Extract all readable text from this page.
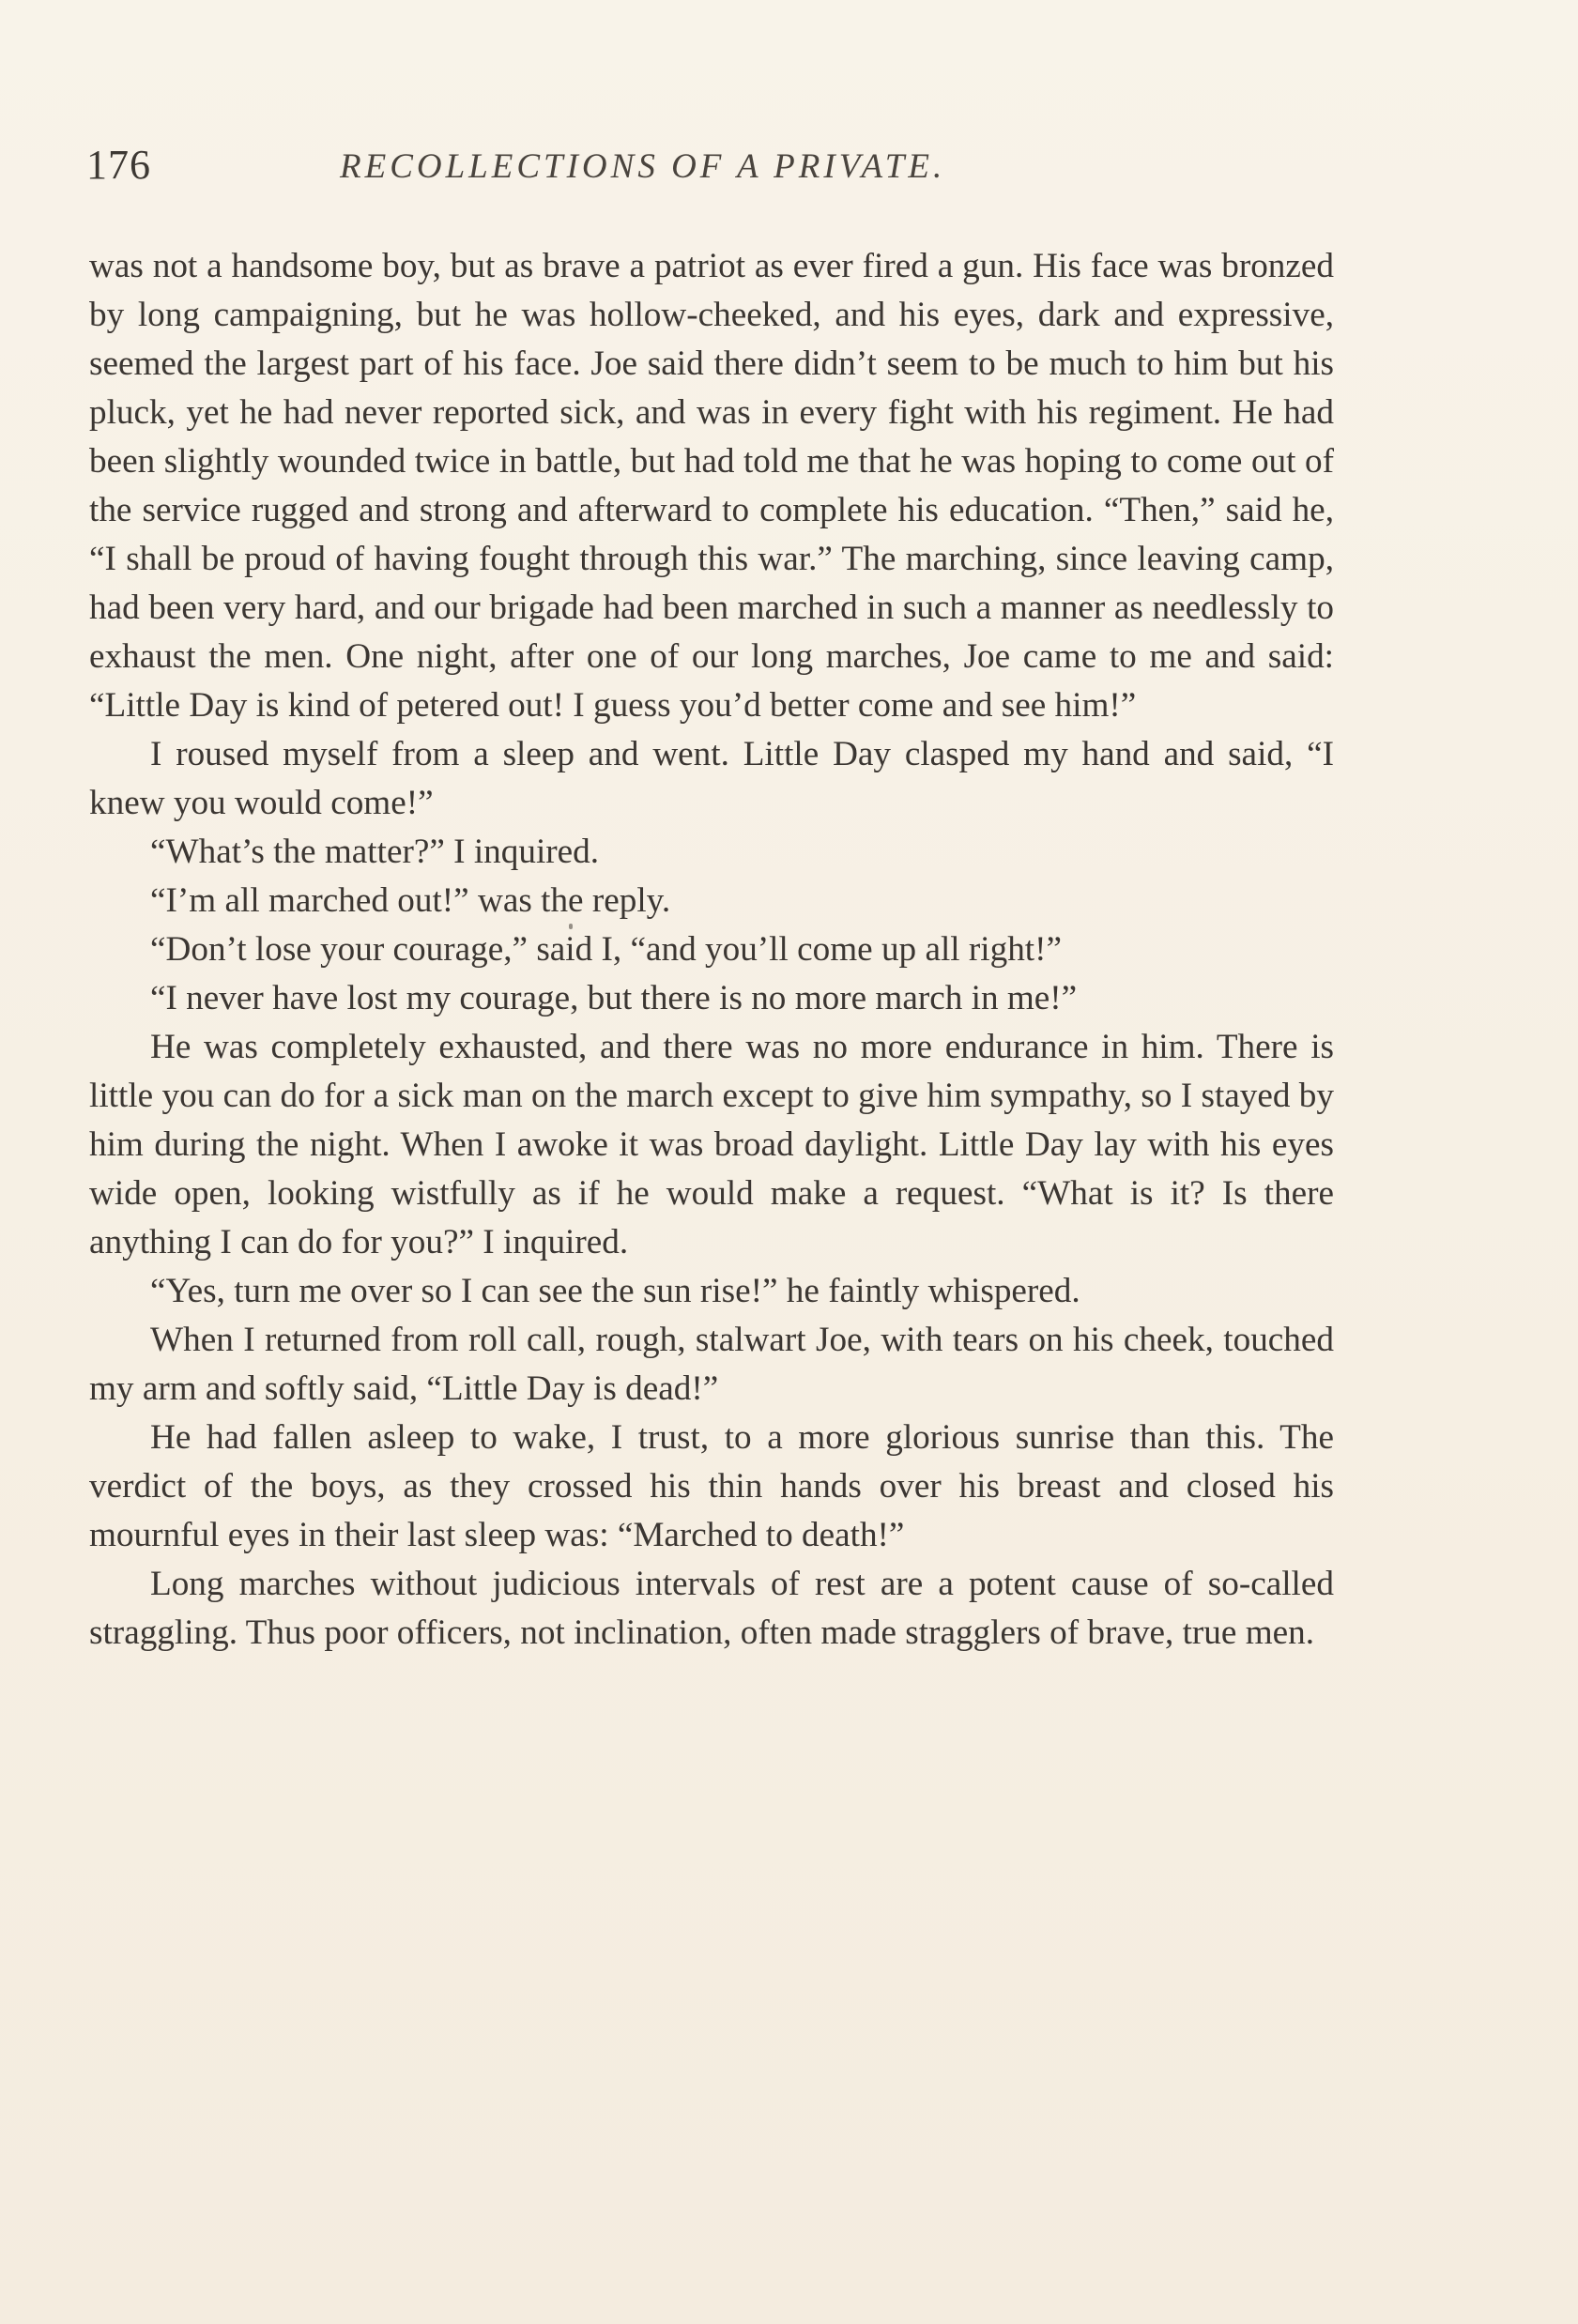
176	RECOLLECTIONS OF A PRIVATE.

was not a handsome boy, but as brave a patriot as ever fired a gun. His face was bronzed by long campaigning, but he was hollow-cheeked, and his eyes, dark and expressive, seemed the largest part of his face. Joe said there didn’t seem to be much to him but his pluck, yet he had never reported sick, and was in every fight with his regiment. He had been slightly wounded twice in battle, but had told me that he was hoping to come out of the service rugged and strong and afterward to complete his education. “Then,” said he, “I shall be proud of having fought through this war.” The marching, since leaving camp, had been very hard, and our brigade had been marched in such a manner as needlessly to exhaust the men. One night, after one of our long marches, Joe came to me and said: “Little Day is kind of petered out! I guess you’d better come and see him!”

I roused myself from a sleep and went. Little Day clasped my hand and said, “I knew you would come!”

“What’s the matter?” I inquired.

“I’m all marched out!” was the reply.

“Don’t lose your courage,” said I, “and you’ll come up all right!”

“I never have lost my courage, but there is no more march in me!”

He was completely exhausted, and there was no more endurance in him. There is little you can do for a sick man on the march except to give him sympathy, so I stayed by him during the night. When I awoke it was broad daylight. Little Day lay with his eyes wide open, looking wistfully as if he would make a request. “What is it? Is there anything I can do for you?” I inquired.

“Yes, turn me over so I can see the sun rise!” he faintly whispered.

When I returned from roll call, rough, stalwart Joe, with tears on his cheek, touched my arm and softly said, “Little Day is dead!”

He had fallen asleep to wake, I trust, to a more glorious sunrise than this. The verdict of the boys, as they crossed his thin hands over his breast and closed his mournful eyes in their last sleep was: “Marched to death!”

Long marches without judicious intervals of rest are a potent cause of so-called straggling. Thus poor officers, not inclination, often made stragglers of brave, true men.
